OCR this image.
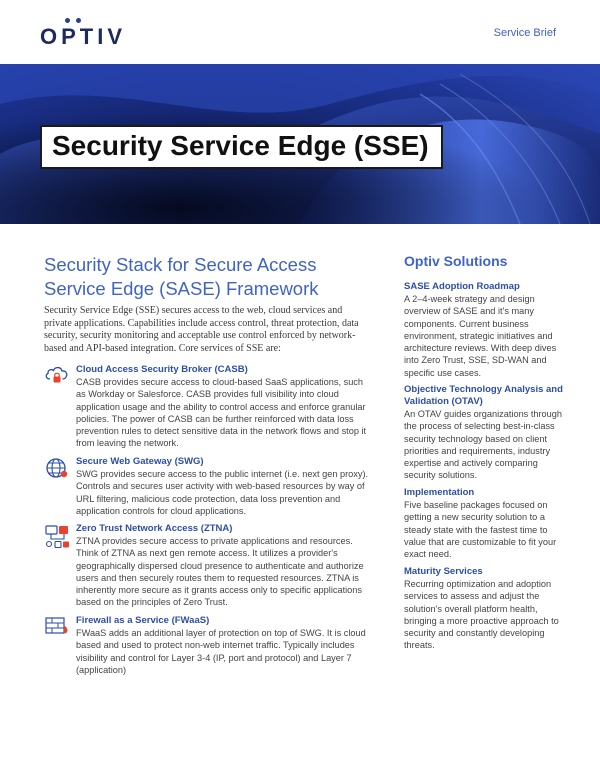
OPTIV	Service Brief
Security Service Edge (SSE)
Security Stack for Secure Access Service Edge (SASE) Framework

Security Service Edge (SSE) secures access to the web, cloud services and private applications. Capabilities include access control, threat protection, data security, security monitoring and acceptable use control enforced by network-based and API-based integration. Core services of SSE are:

Cloud Access Security Broker (CASB)
CASB provides secure access to cloud-based SaaS applications, such as Workday or Salesforce. CASB provides full visibility into cloud application usage and the ability to control access and enforce granular policies. The power of CASB can be further reinforced with data loss prevention rules to detect sensitive data in the network flows and stop it from leaving the network.
Secure Web Gateway (SWG)
SWG provides secure access to the public internet (i.e. next gen proxy). Controls and secures user activity with web-based resources by way of URL filtering, malicious code protection, data loss prevention and application controls for cloud applications.
Zero Trust Network Access (ZTNA)
ZTNA provides secure access to private applications and resources. Think of ZTNA as next gen remote access. It utilizes a provider's geographically dispersed cloud presence to authenticate and authorize users and then securely routes them to requested resources. ZTNA is inherently more secure as it grants access only to specific applications based on the principles of Zero Trust.
Firewall as a Service (FWaaS)
FWaaS adds an additional layer of protection on top of SWG. It is cloud based and used to protect non-web internet traffic. Typically includes visibility and control for Layer 3-4 (IP, port and protocol) and Layer 7 (application)
Optiv Solutions
SASE Adoption Roadmap
A 2–4-week strategy and design overview of SASE and it's many components. Current business environment, strategic initiatives and architecture reviews. With deep dives into Zero Trust, SSE, SD-WAN and specific use cases.
Objective Technology Analysis and Validation (OTAV)
An OTAV guides organizations through the process of selecting best-in-class security technology based on client priorities and requirements, industry expertise and actively comparing security solutions.
Implementation
Five baseline packages focused on getting a new security solution to a steady state with the fastest time to value that are customizable to fit your exact need.
Maturity Services
Recurring optimization and adoption services to assess and adjust the solution's overall platform health, bringing a more proactive approach to security and constantly developing threats.
